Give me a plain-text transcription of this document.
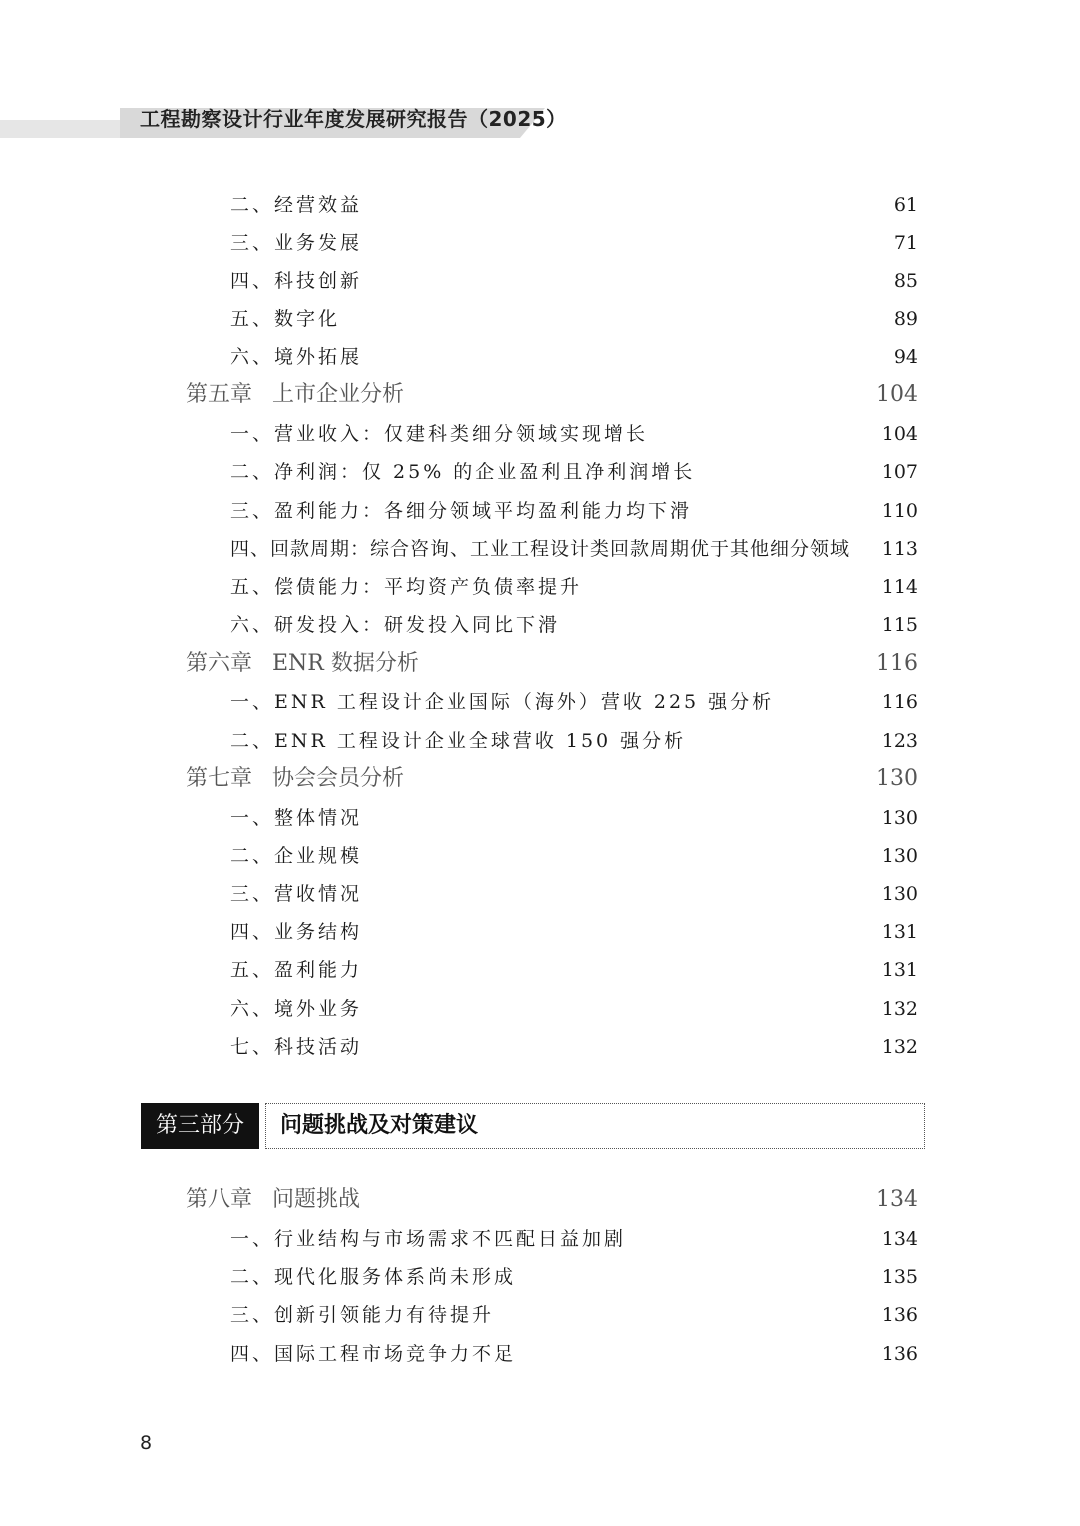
工程勘察设计行业年度发展研究报告（2025）
二、经营效益	61
三、业务发展	71
四、科技创新	85
五、数字化	89
六、境外拓展	94
第五章 上市企业分析	104
一、营业收入：仅建科类细分领域实现增长	104
二、净利润：仅 25% 的企业盈利且净利润增长	107
三、盈利能力：各细分领域平均盈利能力均下滑	110
四、回款周期：综合咨询、工业工程设计类回款周期优于其他细分领域 113
五、偿债能力：平均资产负债率提升	114
六、研发投入：研发投入同比下滑	115
第六章 ENR 数据分析	116
一、ENR 工程设计企业国际（海外）营收 225 强分析	116
二、ENR 工程设计企业全球营收 150 强分析	123
第七章 协会会员分析	130
一、整体情况	130
二、企业规模	130
三、营收情况	130
四、业务结构	131
五、盈利能力	131
六、境外业务	132
七、科技活动	132
第三部分	问题挑战及对策建议
第八章 问题挑战	134
一、行业结构与市场需求不匹配日益加剧	134
二、现代化服务体系尚未形成	135
三、创新引领能力有待提升	136
四、国际工程市场竞争力不足	136
8
